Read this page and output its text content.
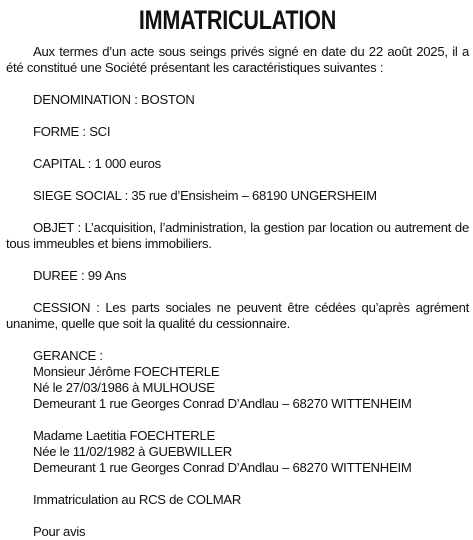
IMMATRICULATION

Aux termes d’un acte sous seings privés signé en date du 22 août 2025, il a été constitué une Société présentant les caractéristiques suivantes :

DENOMINATION : BOSTON

FORME : SCI

CAPITAL : 1 000 euros

SIEGE SOCIAL : 35 rue d’Ensisheim – 68190 UNGERSHEIM

OBJET : L’acquisition, l’administration, la gestion par location ou autrement de tous immeubles et biens immobiliers.

DUREE : 99 Ans

CESSION : Les parts sociales ne peuvent être cédées qu’après agrément unanime, quelle que soit la qualité du cessionnaire.

GERANCE :

Monsieur Jérôme FOECHTERLE

Né le 27/03/1986 à MULHOUSE

Demeurant 1 rue Georges Conrad D’Andlau – 68270 WITTENHEIM

Madame Laetitia FOECHTERLE

Née le 11/02/1982 à GUEBWILLER

Demeurant 1 rue Georges Conrad D’Andlau – 68270 WITTENHEIM

Immatriculation au RCS de COLMAR

Pour avis
